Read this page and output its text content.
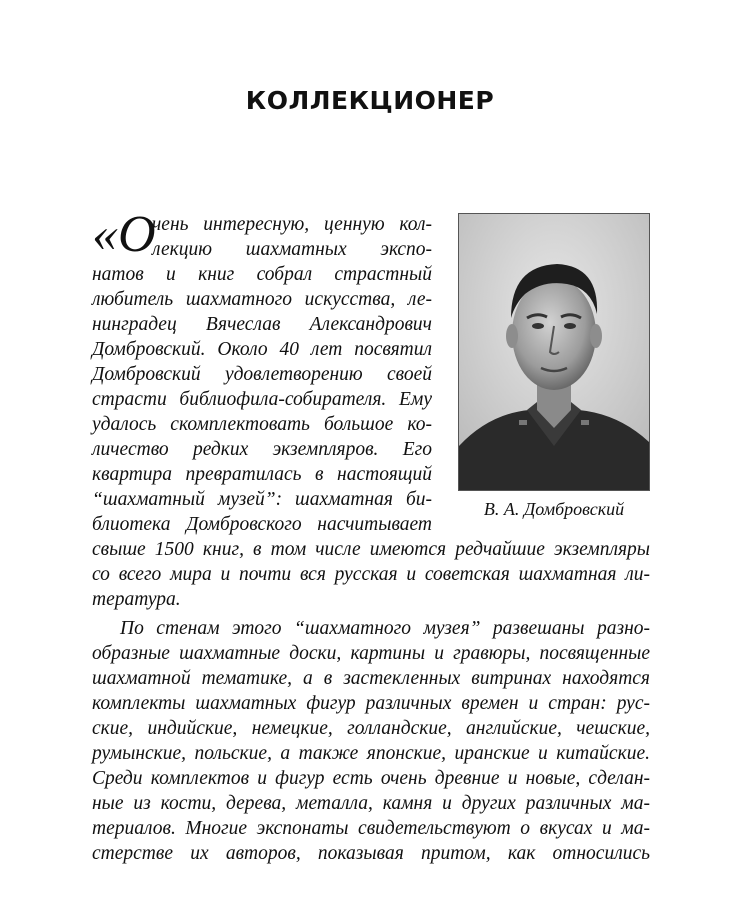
КОЛЛЕКЦИОНЕР
«О
чень интересную, ценную кол-
лекцию шахматных экспо-
натов и книг собрал страстный
любитель шахматного искусства, ле-
нинградец Вячеслав Александрович
Домбровский. Около 40 лет посвятил
Домбровский удовлетворению своей
страсти библиофила-собирателя. Ему
удалось скомплектовать большое ко-
личество редких экземпляров. Его
квартира превратилась в настоящий
“шахматный музей”: шахматная би-
блиотека Домбровского насчитывает
свыше 1500 книг, в том числе имеются редчайшие экземпляры
со всего мира и почти вся русская и советская шахматная ли-
тература.
По стенам этого “шахматного музея” развешаны разно-
образные шахматные доски, картины и гравюры, посвященные
шахматной тематике, а в застекленных витринах находятся
комплекты шахматных фигур различных времен и стран: рус-
ские, индийские, немецкие, голландские, английские, чешские,
румынские, польские, а также японские, иранские и китайские.
Среди комплектов и фигур есть очень древние и новые, сделан-
ные из кости, дерева, металла, камня и других различных ма-
териалов. Многие экспонаты свидетельствуют о вкусах и ма-
стерстве их авторов, показывая притом, как относились
В. А. Домбровский
